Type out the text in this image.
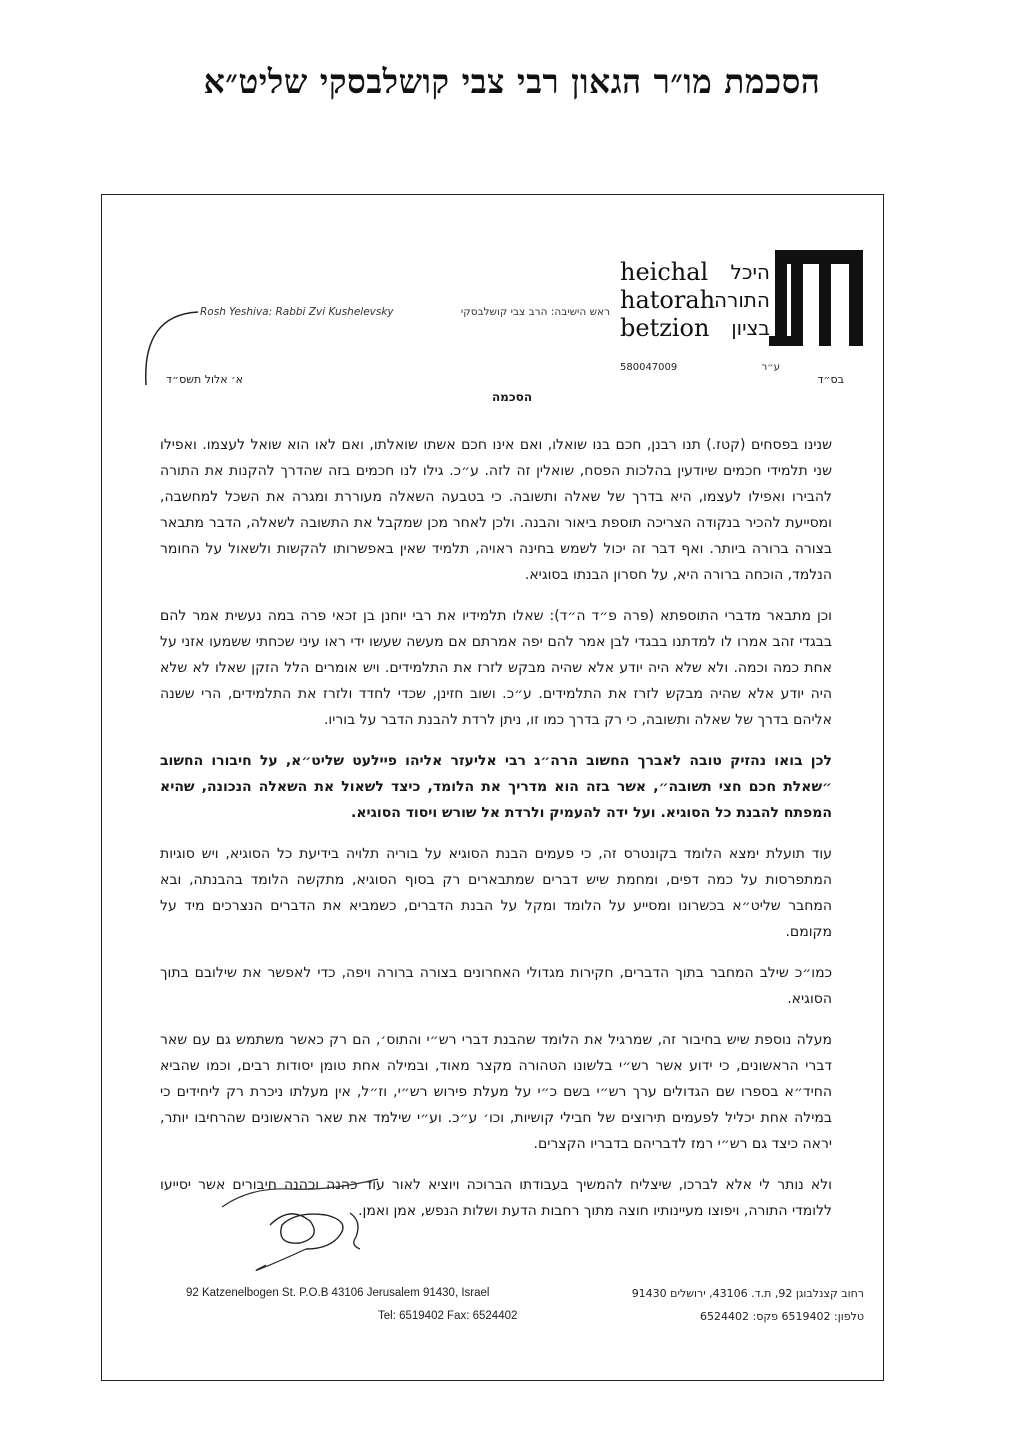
הסכמת מו״ר הגאון רבי צבי קושלבסקי שליט״א
heichal
hatorah
betzion
היכל
התורה
בציון
580047009	ע״ר
Rosh Yeshiva: Rabbi Zvi Kushelevsky	ראש הישיבה: הרב צבי קושלבסקי
בס״ד
א׳ אלול תשס״ד
הסכמה

שנינו בפסחים (קטז.) תנו רבנן, חכם בנו שואלו, ואם אינו חכם אשתו שואלתו, ואם לאו הוא שואל לעצמו. ואפילו שני תלמידי חכמים שיודעין בהלכות הפסח, שואלין זה לזה. ע״כ. גילו לנו חכמים בזה שהדרך להקנות את התורה להבירו ואפילו לעצמו, היא בדרך של שאלה ותשובה. כי בטבעה השאלה מעוררת ומגרה את השכל למחשבה, ומסייעת להכיר בנקודה הצריכה תוספת ביאור והבנה. ולכן לאחר מכן שמקבל את התשובה לשאלה, הדבר מתבאר בצורה ברורה ביותר. ואף דבר זה יכול לשמש בחינה ראויה, תלמיד שאין באפשרותו להקשות ולשאול על החומר הנלמד, הוכחה ברורה היא, על חסרון הבנתו בסוגיא.

וכן מתבאר מדברי התוספתא (פרה פ״ד ה״ד): שאלו תלמידיו את רבי יוחנן בן זכאי פרה במה נעשית אמר להם בבגדי זהב אמרו לו למדתנו בבגדי לבן אמר להם יפה אמרתם אם מעשה שעשו ידי ראו עיני שכחתי ששמעו אזני על אחת כמה וכמה. ולא שלא היה יודע אלא שהיה מבקש לזרז את התלמידים. ויש אומרים הלל הזקן שאלו לא שלא היה יודע אלא שהיה מבקש לזרז את התלמידים. ע״כ. ושוב חזינן, שכדי לחדד ולזרז את התלמידים, הרי ששנה אליהם בדרך של שאלה ותשובה, כי רק בדרך כמו זו, ניתן לרדת להבנת הדבר על בוריו.

לכן בואו נהזיק טובה לאברך החשוב הרה״ג רבי אליעזר אליהו פיילעט שליט״א, על חיבורו החשוב ״שאלת חכם חצי תשובה״, אשר בזה הוא מדריך את הלומד, כיצד לשאול את השאלה הנכונה, שהיא המפתח להבנת כל הסוגיא. ועל ידה להעמיק ולרדת אל שורש ויסוד הסוגיא.

עוד תועלת ימצא הלומד בקונטרס זה, כי פעמים הבנת הסוגיא על בוריה תלויה בידיעת כל הסוגיא, ויש סוגיות המתפרסות על כמה דפים, ומחמת שיש דברים שמתבארים רק בסוף הסוגיא, מתקשה הלומד בהבנתה, ובא המחבר שליט״א בכשרונו ומסייע על הלומד ומקל על הבנת הדברים, כשמביא את הדברים הנצרכים מיד על מקומם.

כמו״כ שילב המחבר בתוך הדברים, חקירות מגדולי האחרונים בצורה ברורה ויפה, כדי לאפשר את שילובם בתוך הסוגיא.

מעלה נוספת שיש בחיבור זה, שמרגיל את הלומד שהבנת דברי רש״י והתוס׳, הם רק כאשר משתמש גם עם שאר דברי הראשונים, כי ידוע אשר רש״י בלשונו הטהורה מקצר מאוד, ובמילה אחת טומן יסודות רבים, וכמו שהביא החיד״א בספרו שם הגדולים ערך רש״י בשם כ״י על מעלת פירוש רש״י, וז״ל, אין מעלתו ניכרת רק ליחידים כי במילה אחת יכליל לפעמים תירוצים של חבילי קושיות, וכו׳ ע״כ. וע״י שילמד את שאר הראשונים שהרחיבו יותר, יראה כיצד גם רש״י רמז לדבריהם בדבריו הקצרים.

ולא נותר לי אלא לברכו, שיצליח להמשיך בעבודתו הברוכה ויוציא לאור עוד כהנה וכהנה חיבורים אשר יסייעו ללומדי התורה, ויפוצו מעיינותיו חוצה מתוך רחבות הדעת ושלות הנפש, אמן ואמן.

92 Katzenelbogen St. P.O.B 43106 Jerusalem 91430, Israel	רחוב קצנלבוגן 92, ת.ד. 43106, ירושלים 91430
Tel: 6519402 Fax: 6524402	טלפון: 6519402 פקס: 6524402
